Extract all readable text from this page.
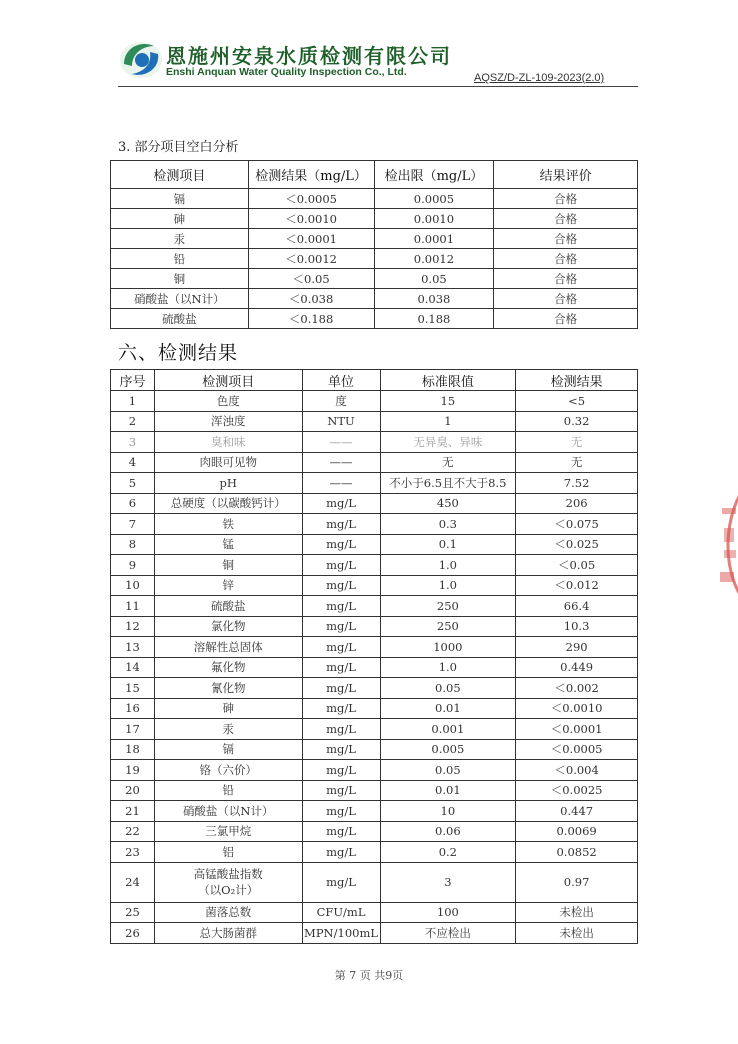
恩施州安泉水质检测有限公司
Enshi Anquan Water Quality Inspection Co., Ltd.	AQSZ/D-ZL-109-2023(2.0)
3. 部分项目空白分析
检测项目	检测结果（mg/L）	检出限（mg/L）	结果评价
镉	＜0.0005	0.0005	合格
砷	＜0.0010	0.0010	合格
汞	＜0.0001	0.0001	合格
铅	＜0.0012	0.0012	合格
铜	＜0.05	0.05	合格
硝酸盐（以N计）	＜0.038	0.038	合格
硫酸盐	＜0.188	0.188	合格
六、检测结果
序号	检测项目	单位	标准限值	检测结果
1	色度	度	15	<5
2	浑浊度	NTU	1	0.32
3	臭和味	——	无异臭、异味	无
4	肉眼可见物	——	无	无
5	pH	——	不小于6.5且不大于8.5	7.52
6	总硬度（以碳酸钙计）	mg/L	450	206
7	铁	mg/L	0.3	＜0.075
8	锰	mg/L	0.1	＜0.025
9	铜	mg/L	1.0	＜0.05
10	锌	mg/L	1.0	＜0.012
11	硫酸盐	mg/L	250	66.4
12	氯化物	mg/L	250	10.3
13	溶解性总固体	mg/L	1000	290
14	氟化物	mg/L	1.0	0.449
15	氰化物	mg/L	0.05	＜0.002
16	砷	mg/L	0.01	＜0.0010
17	汞	mg/L	0.001	＜0.0001
18	镉	mg/L	0.005	＜0.0005
19	铬（六价）	mg/L	0.05	＜0.004
20	铅	mg/L	0.01	＜0.0025
21	硝酸盐（以N计）	mg/L	10	0.447
22	三氯甲烷	mg/L	0.06	0.0069
23	铝	mg/L	0.2	0.0852
24	高锰酸盐指数
（以O₂计）	mg/L	3	0.97
25	菌落总数	CFU/mL	100	未检出
26	总大肠菌群	MPN/100mL	不应检出	未检出
第 7 页 共9页
